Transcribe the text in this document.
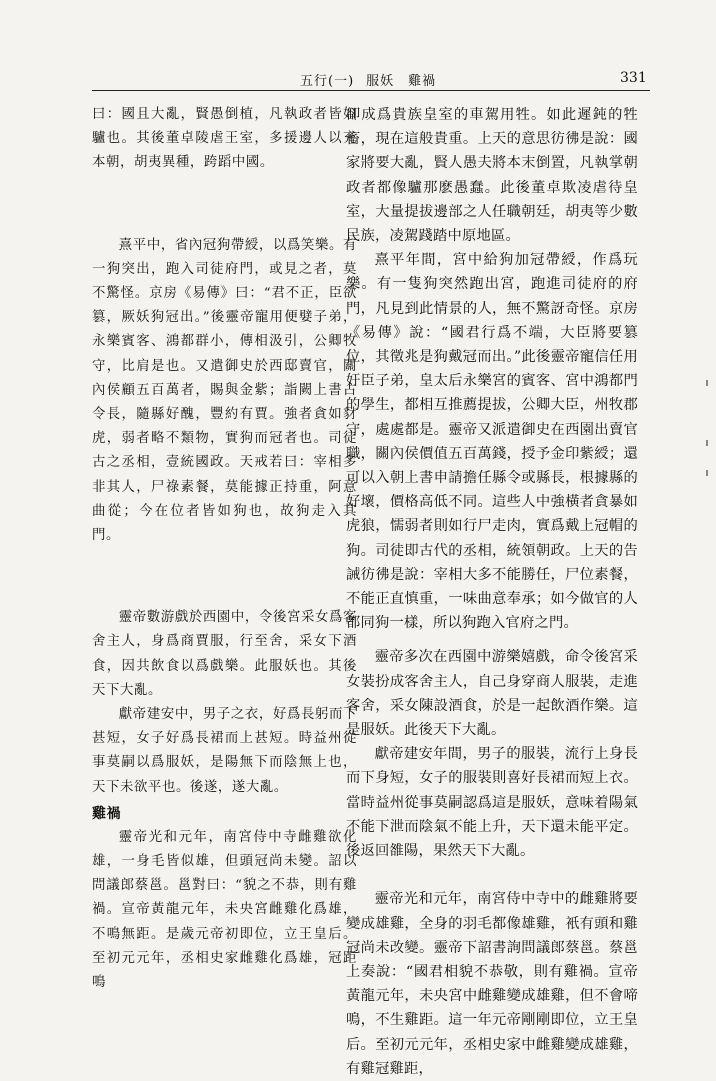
五行(一) 服妖　雞禍	331

曰：國且大亂，賢愚倒植，凡執政者皆如驢也。其後董卓陵虐王室，多援邊人以充本朝，胡夷異種，跨蹈中國。

熹平中，省內冠狗帶綬，以爲笑樂。有一狗突出，跑入司徒府門，或見之者，莫不驚怪。京房《易傳》曰：“君不正，臣欲篡，厥妖狗冠出。”後靈帝寵用便嬖子弟，永樂賓客、鴻都群小，傳相汲引，公卿牧守，比肩是也。又遣御史於西邸賣官，關內侯顧五百萬者，賜與金紫；詣闕上書占令長，隨縣好醜，豐約有賈。強者貪如豺虎，弱者略不類物，實狗而冠者也。司徒古之丞相，壹統國政。天戒若曰：宰相多非其人，尸祿素餐，莫能據正持重，阿意曲從；今在位者皆如狗也，故狗走入其門。

靈帝數游戲於西園中，令後宮采女爲客舍主人，身爲商賈服，行至舍，采女下酒食，因共飲食以爲戲樂。此服妖也。其後天下大亂。

獻帝建安中，男子之衣，好爲長躬而下甚短，女子好爲長裙而上甚短。時益州從事莫嗣以爲服妖，是陽無下而陰無上也，天下未欲平也。後遂，遂大亂。

雞禍

靈帝光和元年，南宮侍中寺雌雞欲化雄，一身毛皆似雄，但頭冠尚未變。詔以問議郎蔡邕。邕對曰：“貌之不恭，則有雞禍。宣帝黃龍元年，未央宮雌雞化爲雄，不鳴無距。是歲元帝初即位，立王皇后。至初元元年，丞相史家雌雞化爲雄，冠距鳴

卻成爲貴族皇室的車駕用牲。如此遲鈍的牲畜，現在這般貴重。上天的意思彷彿是說：國家將要大亂，賢人愚夫將本末倒置，凡執掌朝政者都像驢那麽愚蠢。此後董卓欺凌虐待皇室，大量提拔邊部之人任職朝廷，胡夷等少數民族，凌駕踐踏中原地區。

熹平年間，宮中給狗加冠帶綬，作爲玩樂。有一隻狗突然跑出宮，跑進司徒府的府門，凡見到此情景的人，無不驚訝奇怪。京房《易傳》說：“國君行爲不端，大臣將要篡位，其徵兆是狗戴冠而出。”此後靈帝寵信任用奸臣子弟，皇太后永樂宮的賓客、宮中鴻都門的學生，都相互推薦提拔，公卿大臣，州牧郡守，處處都是。靈帝又派遣御史在西園出賣官職，關內侯價值五百萬錢，授予金印紫綬；還可以入朝上書申請擔任縣令或縣長，根據縣的好壞，價格高低不同。這些人中強橫者貪暴如虎狼，懦弱者則如行尸走肉，實爲戴上冠帽的狗。司徒即古代的丞相，統領朝政。上天的告誡彷彿是說：宰相大多不能勝任，尸位素餐，不能正直慎重，一味曲意奉承；如今做官的人都同狗一樣，所以狗跑入官府之門。

靈帝多次在西園中游樂嬉戲，命令後宮采女裝扮成客舍主人，自己身穿商人服裝，走進客舍，采女陳設酒食，於是一起飲酒作樂。這是服妖。此後天下大亂。

獻帝建安年間，男子的服裝，流行上身長而下身短，女子的服裝則喜好長裙而短上衣。當時益州從事莫嗣認爲這是服妖，意味着陽氣不能下泄而陰氣不能上升，天下還未能平定。後返回雒陽，果然天下大亂。

靈帝光和元年，南宮侍中寺中的雌雞將要變成雄雞，全身的羽毛都像雄雞，衹有頭和雞冠尚未改變。靈帝下詔書詢問議郎蔡邕。蔡邕上奏說：“國君相貌不恭敬，則有雞禍。宣帝黃龍元年，未央宮中雌雞變成雄雞，但不會啼鳴，不生雞距。這一年元帝剛剛即位，立王皇后。至初元元年，丞相史家中雌雞變成雄雞，有雞冠雞距，
